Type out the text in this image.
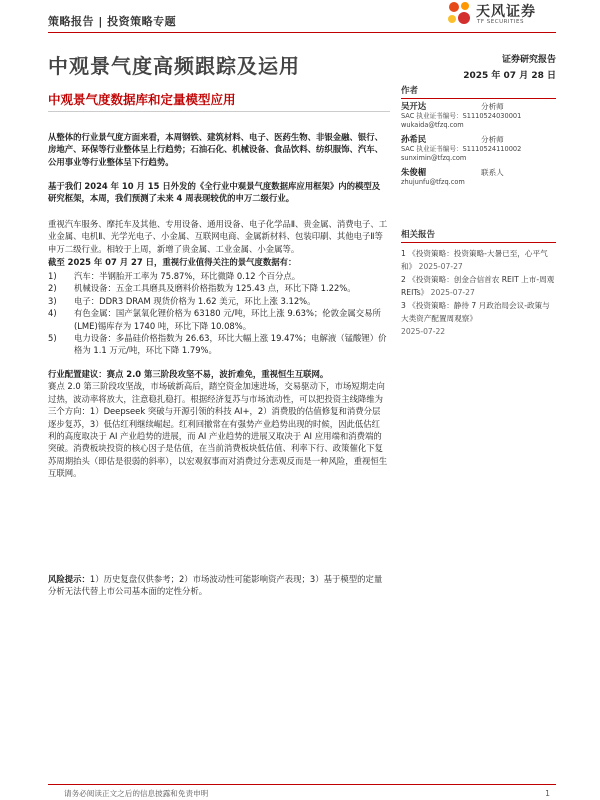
策略报告 | 投资策略专题
天风证券
TF SECURITIES
中观景气度高频跟踪及运用	证券研究报告
2025 年 07 月 28 日
中观景气度数据库和定量模型应用
从整体的行业景气度方面来看，本周钢铁、建筑材料、电子、医药生物、非银金融、银行、房地产、环保等行业整体呈上行趋势；石油石化、机械设备、食品饮料、纺织服饰、汽车、公用事业等行业整体呈下行趋势。
基于我们 2024 年 10 月 15 日外发的《全行业中观景气度数据库应用框架》内的模型及研究框架，本周，我们预测了未来 4 周表现较优的申万二级行业。
重视汽车服务、摩托车及其他、专用设备、通用设备、电子化学品Ⅱ、贵金属、消费电子、工业金属、电机Ⅱ、光学光电子、小金属、互联网电商、金属新材料、包装印刷、其他电子Ⅱ等申万二级行业。相较于上周，新增了贵金属、工业金属、小金属等。
截至 2025 年 07 月 27 日，重视行业值得关注的景气度数据有：
1)	汽车：半钢胎开工率为 75.87%，环比微降 0.12 个百分点。
2)	机械设备：五金工具磨具及磨料价格指数为 125.43 点，环比下降 1.22%。
3)	电子：DDR3 DRAM 现货价格为 1.62 美元，环比上涨 3.12%。
4)	有色金属：国产氯氧化锂价格为 63180 元/吨，环比上涨 9.63%；伦敦金属交易所(LME)锡库存为 1740 吨，环比下降 10.08%。
5)	电力设备：多晶硅价格指数为 26.63，环比大幅上涨 19.47%；电解液（锰酸锂）价格为 1.1 万元/吨，环比下降 1.79%。
行业配置建议：赛点 2.0 第三阶段攻坚不易，波折难免，重视恒生互联网。
赛点 2.0 第三阶段攻坚战，市场破新高后，踏空资金加速进场，交易驱动下，市场短期走向过热，波动率将放大，注意稳扎稳打。根据经济复苏与市场流动性，可以把投资主线降维为三个方向：1）Deepseek 突破与开源引领的科技 AI+，2）消费股的估值修复和消费分层逐步复苏，3）低估红利继续崛起。红利回撤常在有强势产业趋势出现的时候，因此低估红利的高度取决于 AI 产业趋势的进展，而 AI 产业趋势的进展又取决于 AI 应用端和消费端的突破。消费板块投资的核心因子是估值，在当前消费板块低估值、利率下行、政策催化下复苏周期抬头（即估是很弱的斜率），以宏观叙事而对消费过分悲观反而是一种风险，重视恒生互联网。
风险提示：1）历史复盘仅供参考；2）市场波动性可能影响资产表现；3）基于模型的定量分析无法代替上市公司基本面的定性分析。
作者
吴开达	分析师
SAC 执业证书编号：S1110524030001
wukaida@tfzq.com
孙希民	分析师
SAC 执业证书编号：S1110524110002
sunximin@tfzq.com
朱俊楣	联系人
zhujunfu@tfzq.com
相关报告
1 《投资策略：投资策略-大暑已至，心平气和》 2025-07-27
2 《投资策略：创金合信首农 REIT 上市-周观 REITs》 2025-07-27
3 《投资策略：静待 7 月政治局会议-政策与大类资产配置周观察》
2025-07-22
请务必阅读正文之后的信息披露和免责申明	1
